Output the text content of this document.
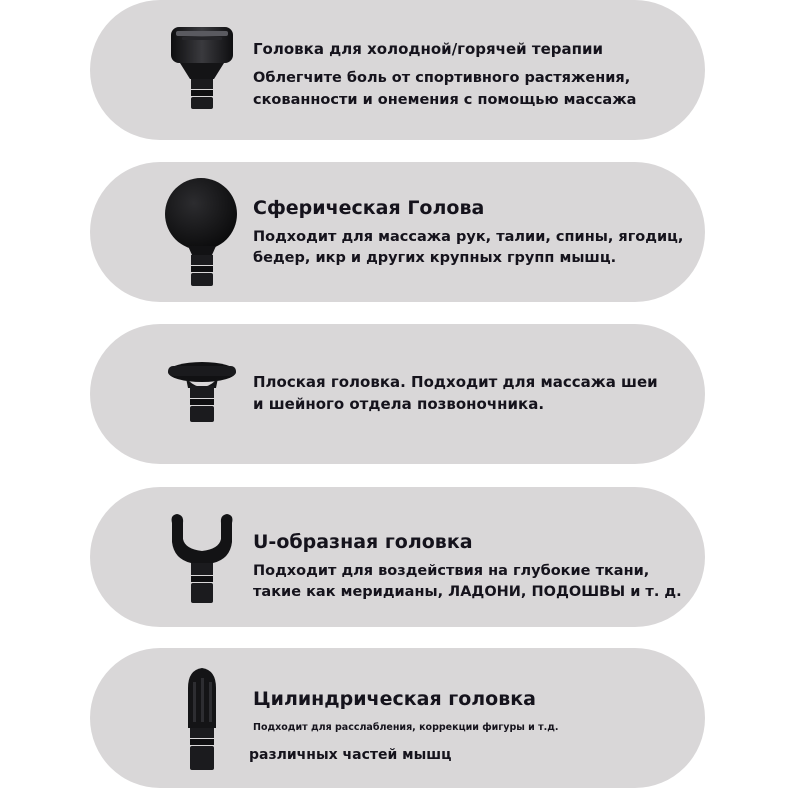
Головка для холодной/горячей терапии

Облегчите боль от спортивного растяжения,

скованности и онемения с помощью массажа

Сферическая Голова

Подходит для массажа рук, талии, спины, ягодиц,

бедер, икр и других крупных групп мышц.

Плоская головка. Подходит для массажа шеи

и шейного отдела позвоночника.

U-образная головка

Подходит для воздействия на глубокие ткани,

такие как меридианы, ЛАДОНИ, ПОДОШВЫ и т. д.

Цилиндрическая головка

Подходит для расслабления, коррекции фигуры и т.д.

различных частей мышц
